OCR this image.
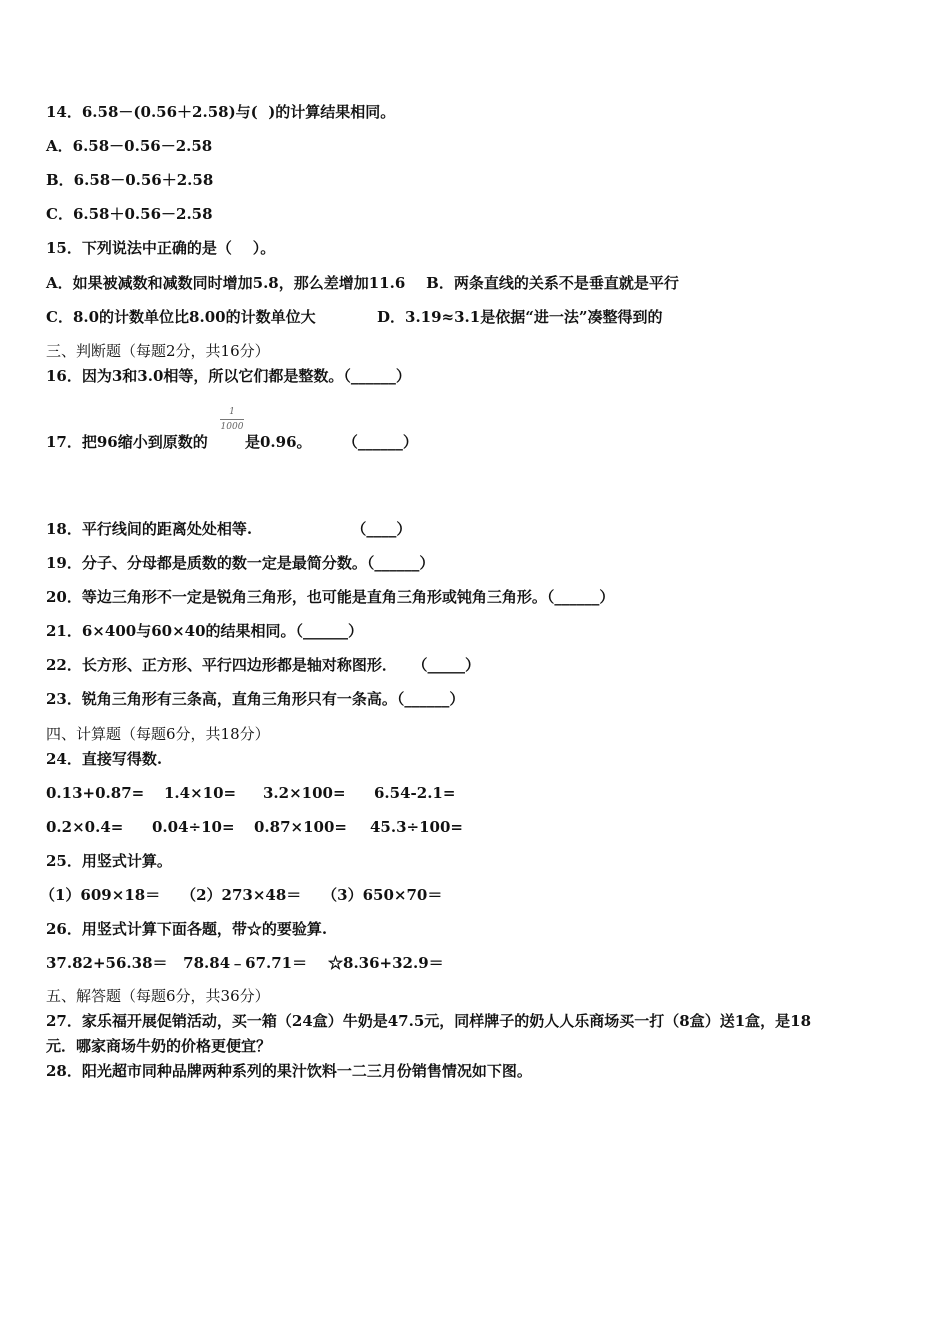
14．6.58－(0.56＋2.58)与(  )的计算结果相同。
A．6.58－0.56－2.58
B．6.58－0.56＋2.58
C．6.58＋0.56－2.58
15．下列说法中正确的是（    ）。
A．如果被减数和减数同时增加5.8，那么差增加11.6    B．两条直线的关系不是垂直就是平行
C．8.0的计数单位比8.00的计数单位大	D．3.19≈3.1是依据“进一法”凑整得到的
三、判断题（每题2分，共16分）
16．因为3和3.0相等，所以它们都是整数。（______）
17．把96缩小到原数的
1
1000
是0.96。      （______）
18．平行线间的距离处处相等.                   （____）
19．分子、分母都是质数的数一定是最简分数。（______）
20．等边三角形不一定是锐角三角形，也可能是直角三角形或钝角三角形。（______）
21．6×400与60×40的结果相同。（______）
22．长方形、正方形、平行四边形都是轴对称图形．   （_____）
23．锐角三角形有三条高，直角三角形只有一条高。（______）
四、计算题（每题6分，共18分）
24．直接写得数.
0.13+0.87= 1.4×10= 3.2×100= 6.54-2.1=
0.2×0.4= 0.04÷10= 0.87×100= 45.3÷100=
25．用竖式计算。
（1）609×18＝    （2）273×48＝    （3）650×70＝
26．用竖式计算下面各题，带☆的要验算.
37.82+56.38＝   78.84﹣67.71＝    ☆8.36+32.9＝
五、解答题（每题6分，共36分）
27．家乐福开展促销活动，买一箱（24盒）牛奶是47.5元，同样牌子的奶人人乐商场买一打（8盒）送1盒，是18
元．哪家商场牛奶的价格更便宜？
28．阳光超市同种品牌两种系列的果汁饮料一二三月份销售情况如下图。
